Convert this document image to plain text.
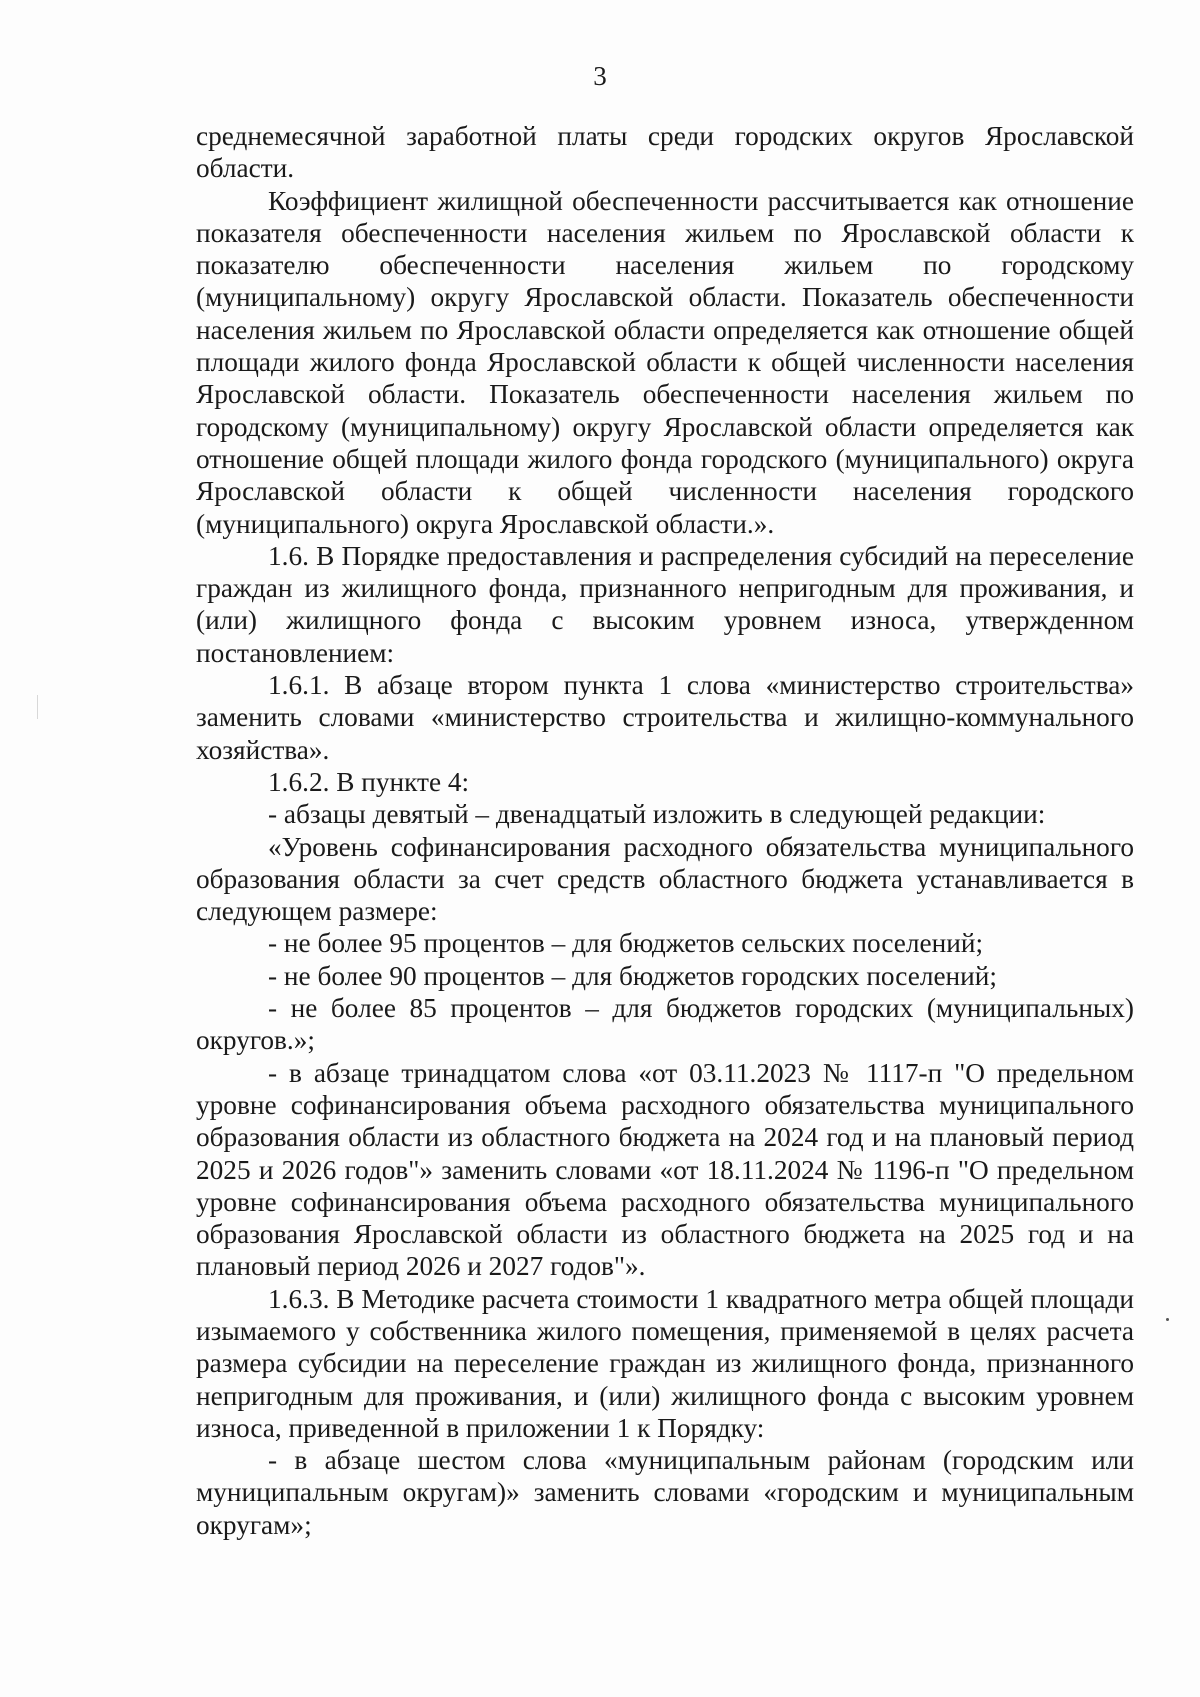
3

среднемесячной заработной платы среди городских округов Ярославской области.

Коэффициент жилищной обеспеченности рассчитывается как отношение показателя обеспеченности населения жильем по Ярославской области к показателю обеспеченности населения жильем по городскому (муниципальному) округу Ярославской области. Показатель обеспеченности населения жильем по Ярославской области определяется как отношение общей площади жилого фонда Ярославской области к общей численности населения Ярославской области. Показатель обеспеченности населения жильем по городскому (муниципальному) округу Ярославской области определяется как отношение общей площади жилого фонда городского (муниципального) округа Ярославской области к общей численности населения городского (муниципального) округа Ярославской области.».

1.6. В Порядке предоставления и распределения субсидий на переселение граждан из жилищного фонда, признанного непригодным для проживания, и (или) жилищного фонда с высоким уровнем износа, утвержденном постановлением:

1.6.1. В абзаце втором пункта 1 слова «министерство строительства» заменить словами «министерство строительства и жилищно-коммунального хозяйства».

1.6.2. В пункте 4:

- абзацы девятый – двенадцатый изложить в следующей редакции:

«Уровень софинансирования расходного обязательства муниципального образования области за счет средств областного бюджета устанавливается в следующем размере:

- не более 95 процентов – для бюджетов сельских поселений;

- не более 90 процентов – для бюджетов городских поселений;

- не более 85 процентов – для бюджетов городских (муниципальных) округов.»;

- в абзаце тринадцатом слова «от 03.11.2023 № 1117-п "О предельном уровне софинансирования объема расходного обязательства муниципального образования области из областного бюджета на 2024 год и на плановый период 2025 и 2026 годов"» заменить словами «от 18.11.2024 № 1196-п "О предельном уровне софинансирования объема расходного обязательства муниципального образования Ярославской области из областного бюджета на 2025 год и на плановый период 2026 и 2027 годов"».

1.6.3. В Методике расчета стоимости 1 квадратного метра общей площади изымаемого у собственника жилого помещения, применяемой в целях расчета размера субсидии на переселение граждан из жилищного фонда, признанного непригодным для проживания, и (или) жилищного фонда с высоким уровнем износа, приведенной в приложении 1 к Порядку:

- в абзаце шестом слова «муниципальным районам (городским или муниципальным округам)» заменить словами «городским и муниципальным округам»;
